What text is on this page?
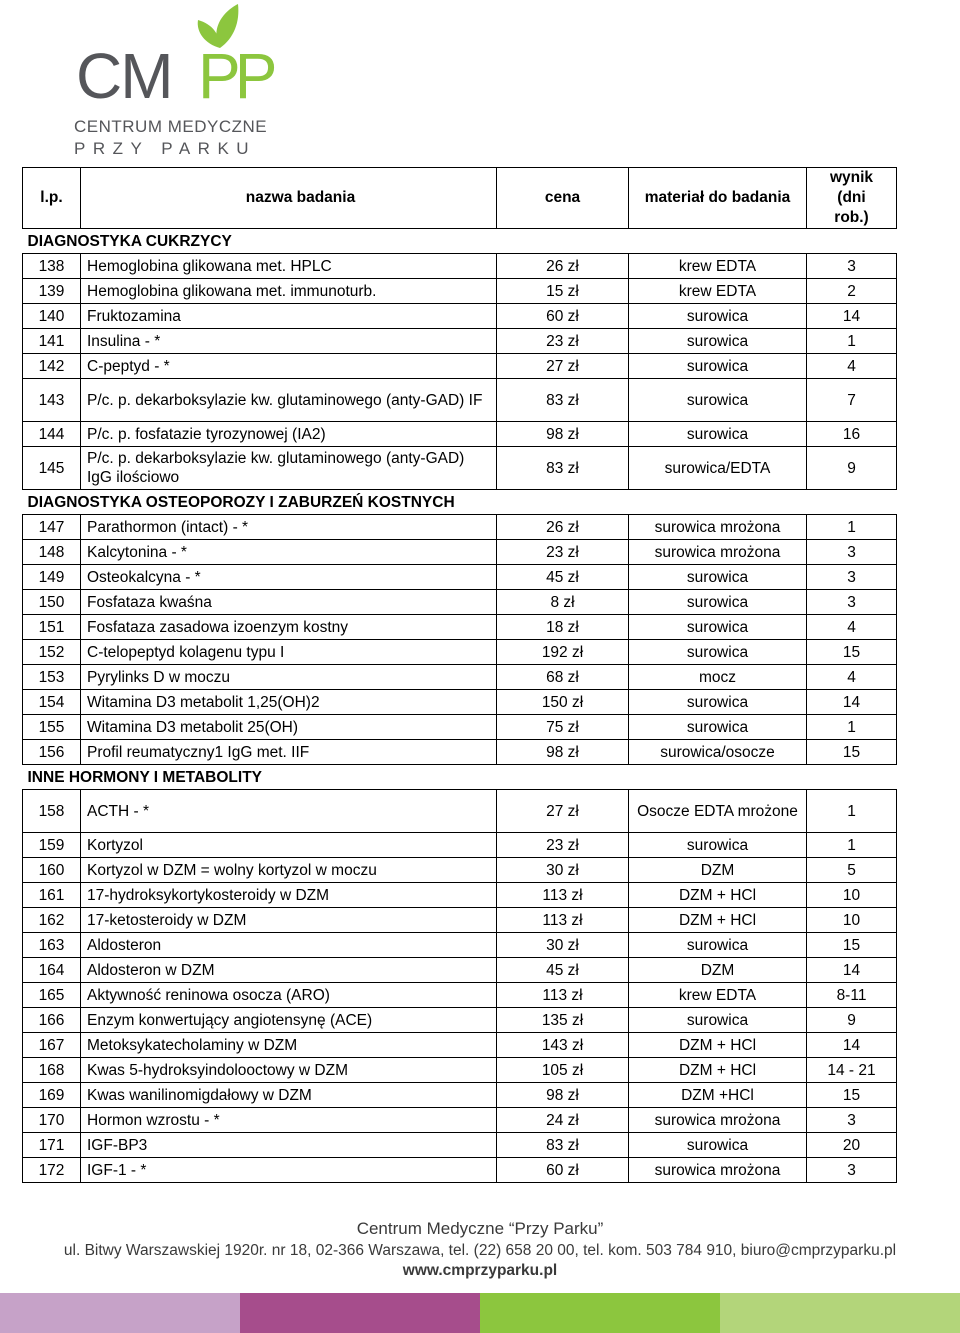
CM PP
CENTRUM MEDYCZNE
PRZY PARKU
l.p.	nazwa badania	cena	materiał do badania	wynik (dni rob.)
DIAGNOSTYKA CUKRZYCY				
138	Hemoglobina glikowana met. HPLC	26 zł	krew EDTA	3
139	Hemoglobina glikowana met. immunoturb.	15 zł	krew EDTA	2
140	Fruktozamina	60 zł	surowica	14
141	Insulina - *	23 zł	surowica	1
142	C-peptyd - *	27 zł	surowica	4
143	P/c. p. dekarboksylazie kw. glutaminowego (anty-GAD) IF	83 zł	surowica	7
144	P/c. p. fosfatazie tyrozynowej (IA2)	98 zł	surowica	16
145	P/c. p. dekarboksylazie kw. glutaminowego (anty-GAD) IgG ilościowo	83 zł	surowica/EDTA	9
DIAGNOSTYKA OSTEOPOROZY I ZABURZEŃ KOSTNYCH				
147	Parathormon (intact) - *	26 zł	surowica mrożona	1
148	Kalcytonina - *	23 zł	surowica mrożona	3
149	Osteokalcyna - *	45 zł	surowica	3
150	Fosfataza kwaśna	8 zł	surowica	3
151	Fosfataza zasadowa izoenzym kostny	18 zł	surowica	4
152	C-telopeptyd kolagenu typu I	192 zł	surowica	15
153	Pyrylinks D w moczu	68 zł	mocz	4
154	Witamina D3 metabolit 1,25(OH)2	150 zł	surowica	14
155	Witamina D3 metabolit 25(OH)	75 zł	surowica	1
156	Profil reumatyczny1 IgG met. IIF	98 zł	surowica/osocze	15
INNE HORMONY I METABOLITY				
158	ACTH - *	27 zł	Osocze EDTA mrożone	1
159	Kortyzol	23 zł	surowica	1
160	Kortyzol w DZM = wolny kortyzol w moczu	30 zł	DZM	5
161	17-hydroksykortykosteroidy w DZM	113 zł	DZM + HCl	10
162	17-ketosteroidy w DZM	113 zł	DZM + HCl	10
163	Aldosteron	30 zł	surowica	15
164	Aldosteron w DZM	45 zł	DZM	14
165	Aktywność reninowa osocza (ARO)	113 zł	krew EDTA	8-11
166	Enzym konwertujący angiotensynę (ACE)	135 zł	surowica	9
167	Metoksykatecholaminy w DZM	143 zł	DZM + HCl	14
168	Kwas 5-hydroksyindolooctowy w DZM	105 zł	DZM + HCl	14 - 21
169	Kwas wanilinomigdałowy w DZM	98 zł	DZM +HCl	15
170	Hormon wzrostu - *	24 zł	surowica mrożona	3
171	IGF-BP3	83 zł	surowica	20
172	IGF-1 - *	60 zł	surowica mrożona	3
Centrum Medyczne “Przy Parku”
ul. Bitwy Warszawskiej 1920r. nr 18, 02-366 Warszawa, tel. (22) 658 20 00, tel. kom. 503 784 910, biuro@cmprzyparku.pl
www.cmprzyparku.pl
